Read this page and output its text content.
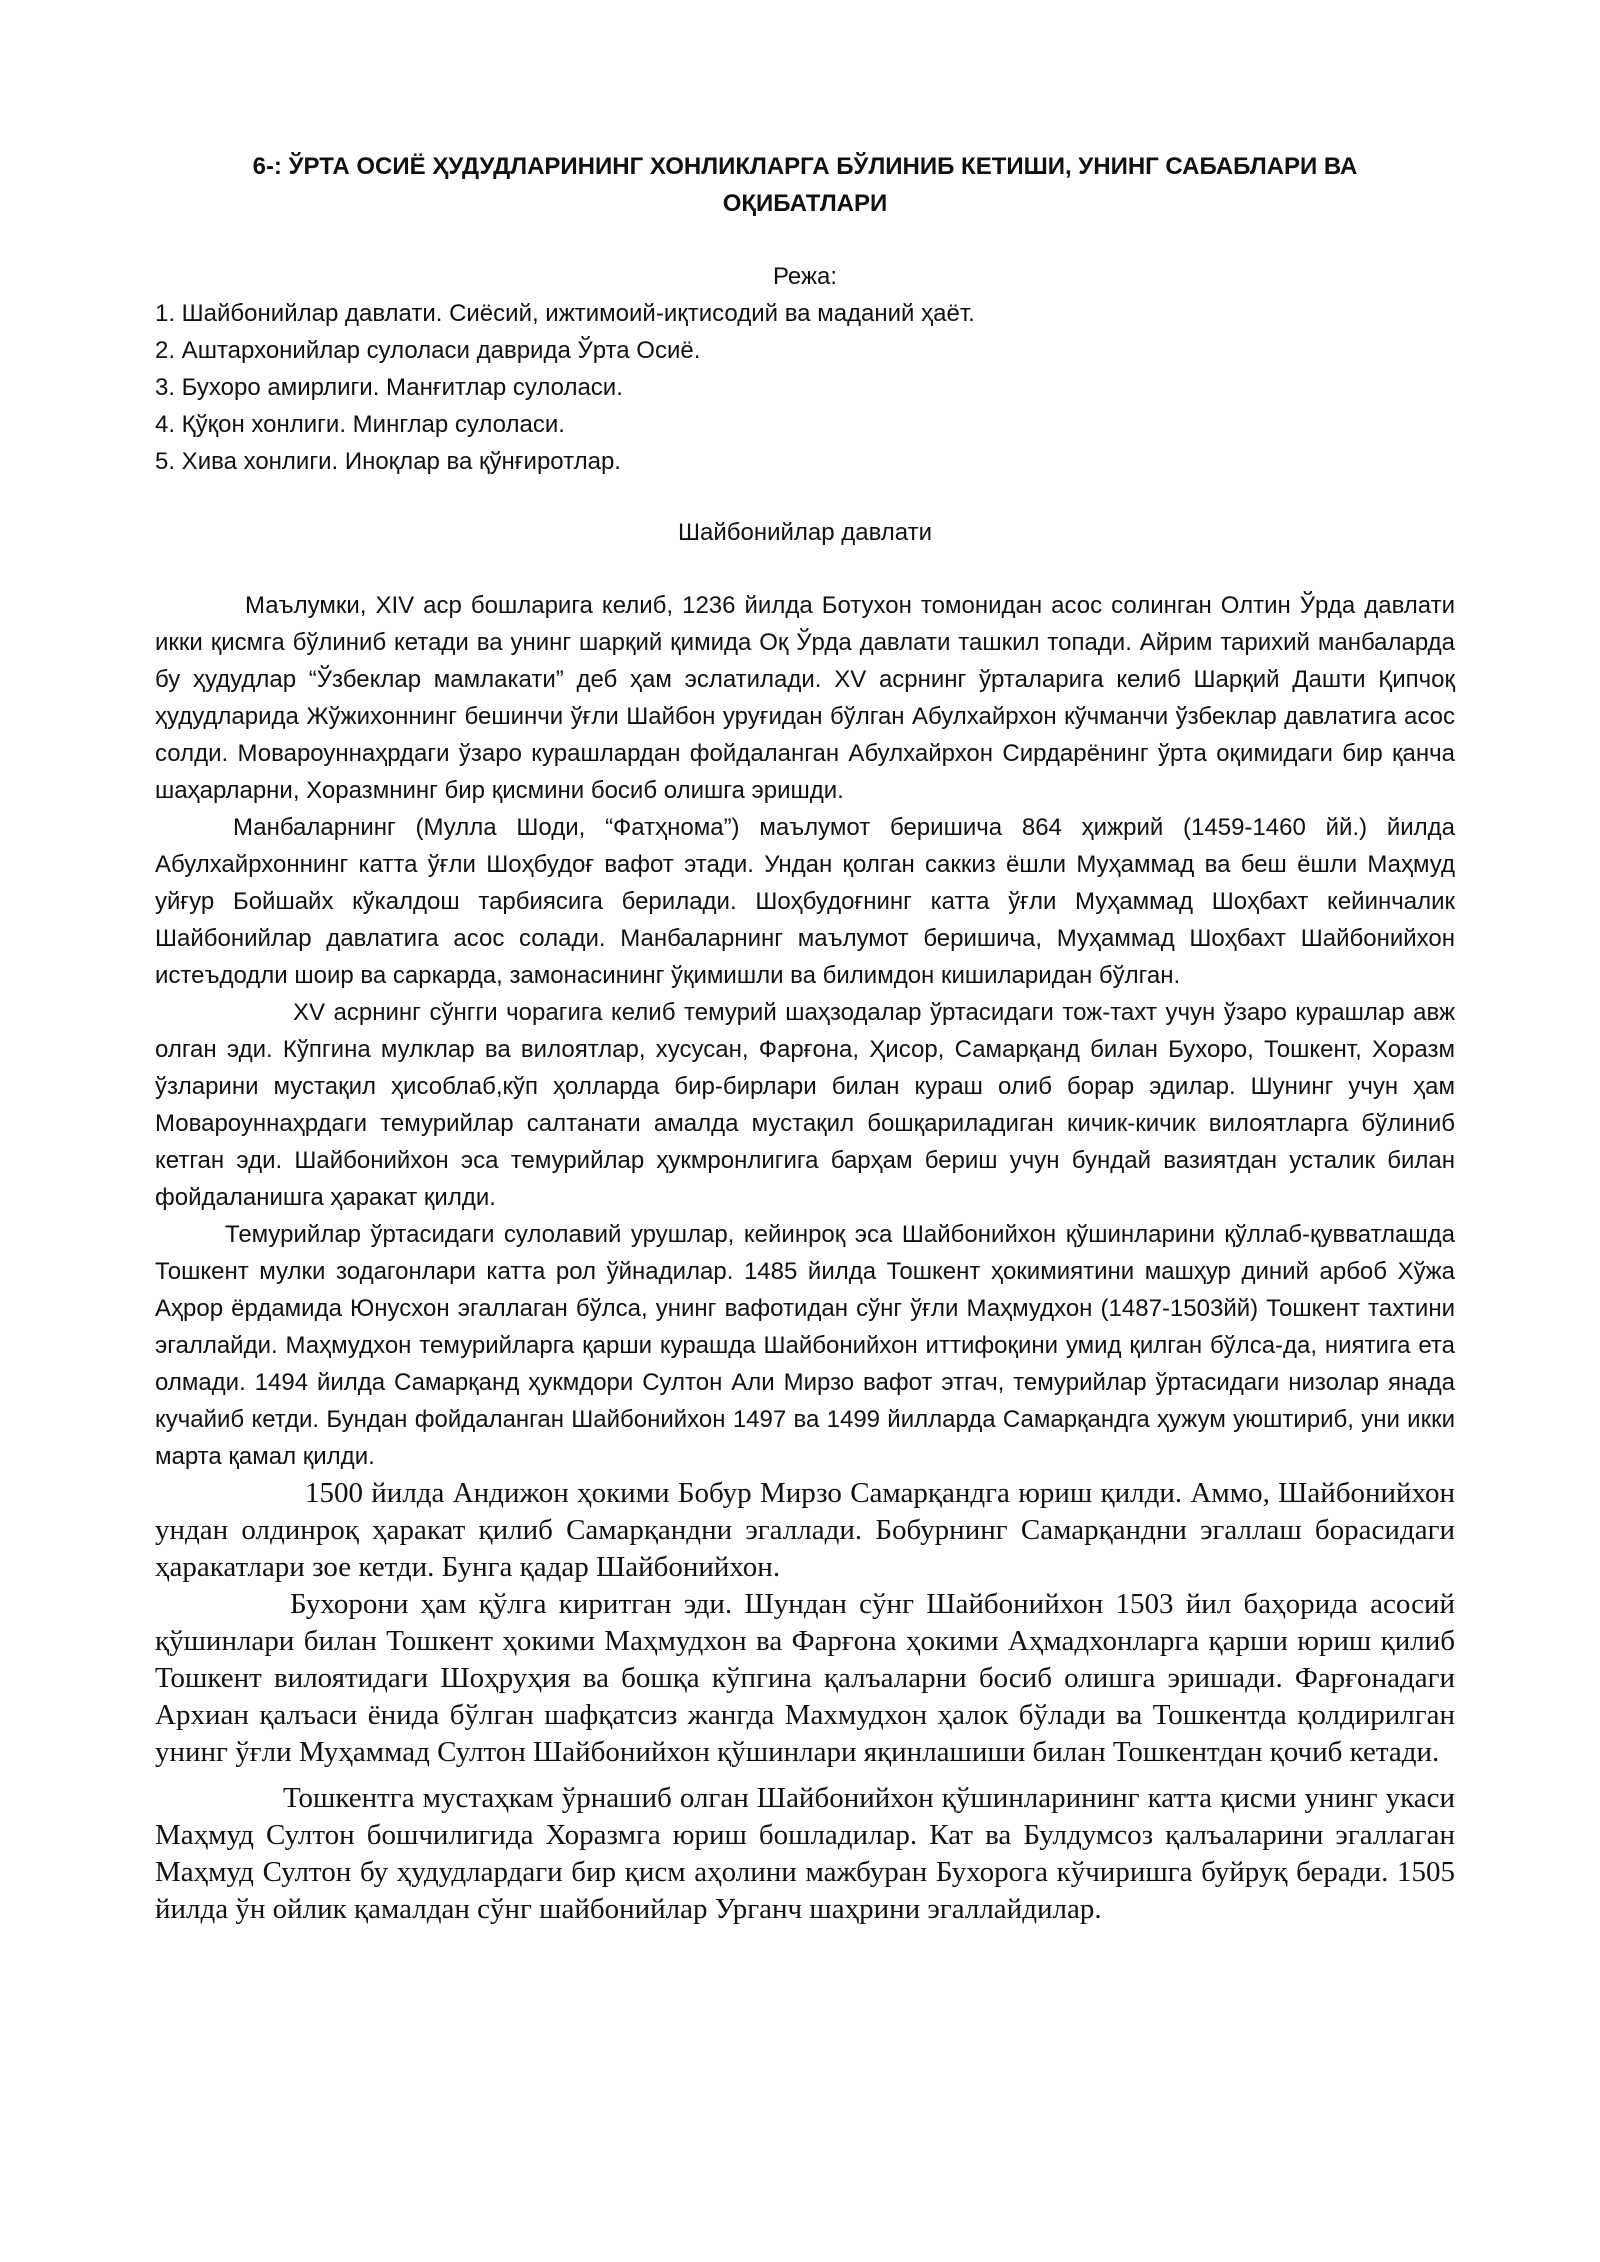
6-: ЎРТА ОСИЁ ҲУДУДЛАРИНИНГ ХОНЛИКЛАРГА БЎЛИНИБ КЕТИШИ, УНИНГ САБАБЛАРИ ВА ОҚИБАТЛАРИ
Режа:
1. Шайбонийлар давлати. Сиёсий, ижтимоий-иқтисодий ва маданий ҳаёт.
2. Аштархонийлар сулоласи даврида Ўрта Осиё.
3. Бухоро амирлиги. Манғитлар сулоласи.
4. Қўқон хонлиги. Минглар сулоласи.
5. Хива хонлиги. Иноқлар ва қўнғиротлар.
Шайбонийлар давлати

Маълумки, XIV аср бошларига келиб, 1236 йилда Ботухон томонидан асос солинган Олтин Ўрда давлати икки қисмга бўлиниб кетади ва унинг шарқий қимида Оқ Ўрда давлати ташкил топади. Айрим тарихий манбаларда бу ҳудудлар “Ўзбеклар мамлакати” деб ҳам эслатилади. XV асрнинг ўрталарига келиб Шарқий Дашти Қипчоқ ҳудудларида Жўжихоннинг бешинчи ўғли Шайбон уруғидан бўлган Абулхайрхон кўчманчи ўзбеклар давлатига асос солди. Мовароуннаҳрдаги ўзаро курашлардан фойдаланган Абулхайрхон Сирдарёнинг ўрта оқимидаги бир қанча шаҳарларни, Хоразмнинг бир қисмини босиб олишга эришди.

Манбаларнинг (Мулла Шоди, “Фатҳнома”) маълумот беришича 864 ҳижрий (1459-1460 йй.) йилда Абулхайрхоннинг катта ўғли Шоҳбудоғ вафот этади. Ундан қолган саккиз ёшли Муҳаммад ва беш ёшли Маҳмуд уйғур Бойшайх кўкалдош тарбиясига берилади. Шоҳбудоғнинг катта ўғли Муҳаммад Шоҳбахт кейинчалик Шайбонийлар давлатига асос солади. Манбаларнинг маълумот беришича, Муҳаммад Шоҳбахт Шайбонийхон истеъдодли шоир ва саркарда, замонасининг ўқимишли ва билимдон кишиларидан бўлган.

XV асрнинг сўнгги чорагига келиб темурий шаҳзодалар ўртасидаги тож-тахт учун ўзаро курашлар авж олган эди. Кўпгина мулклар ва вилоятлар, хусусан, Фарғона, Ҳисор, Самарқанд билан Бухоро, Тошкент, Хоразм ўзларини мустақил ҳисоблаб,кўп ҳолларда бир-бирлари билан кураш олиб борар эдилар. Шунинг учун ҳам Мовароуннаҳрдаги темурийлар салтанати амалда мустақил бошқариладиган кичик-кичик вилоятларга бўлиниб кетган эди. Шайбонийхон эса темурийлар ҳукмронлигига барҳам бериш учун бундай вазиятдан усталик билан фойдаланишга ҳаракат қилди.

Темурийлар ўртасидаги сулолавий урушлар, кейинроқ эса Шайбонийхон қўшинларини қўллаб-қувватлашда Тошкент мулки зодагонлари катта рол ўйнадилар. 1485 йилда Тошкент ҳокимиятини машҳур диний арбоб Хўжа Аҳрор ёрдамида Юнусхон эгаллаган бўлса, унинг вафотидан сўнг ўғли Маҳмудхон (1487-1503йй) Тошкент тахтини эгаллайди. Маҳмудхон темурийларга қарши курашда Шайбонийхон иттифоқини умид қилган бўлса-да, ниятига ета олмади. 1494 йилда Самарқанд ҳукмдори Султон Али Мирзо вафот этгач, темурийлар ўртасидаги низолар янада кучайиб кетди. Бундан фойдаланган Шайбонийхон 1497 ва 1499 йилларда Самарқандга ҳужум уюштириб, уни икки марта қамал қилди.

1500 йилда Андижон ҳокими Бобур Мирзо Самарқандга юриш қилди. Аммо, Шайбонийхон ундан олдинроқ ҳаракат қилиб Самарқандни эгаллади. Бобурнинг Самарқандни эгаллаш борасидаги ҳаракатлари зое кетди. Бунга қадар Шайбонийхон.

Бухорони ҳам қўлга киритган эди. Шундан сўнг Шайбонийхон 1503 йил баҳорида асосий қўшинлари билан Тошкент ҳокими Маҳмудхон ва Фарғона ҳокими Аҳмадхонларга қарши юриш қилиб Тошкент вилоятидаги Шоҳруҳия ва бошқа кўпгина қалъаларни босиб олишга эришади. Фарғонадаги Архиан қалъаси ёнида бўлган шафқатсиз жангда Махмудхон ҳалок бўлади ва Тошкентда қолдирилган унинг ўғли Муҳаммад Султон Шайбонийхон қўшинлари яқинлашиши билан Тошкентдан қочиб кетади.

Тошкентга мустаҳкам ўрнашиб олган Шайбонийхон қўшинларининг катта қисми унинг укаси Маҳмуд Султон бошчилигида Хоразмга юриш бошладилар. Кат ва Булдумсоз қалъаларини эгаллаган Маҳмуд Султон бу ҳудудлардаги бир қисм аҳолини мажбуран Бухорога кўчиришга буйруқ беради. 1505 йилда ўн ойлик қамалдан сўнг шайбонийлар Урганч шаҳрини эгаллайдилар.
